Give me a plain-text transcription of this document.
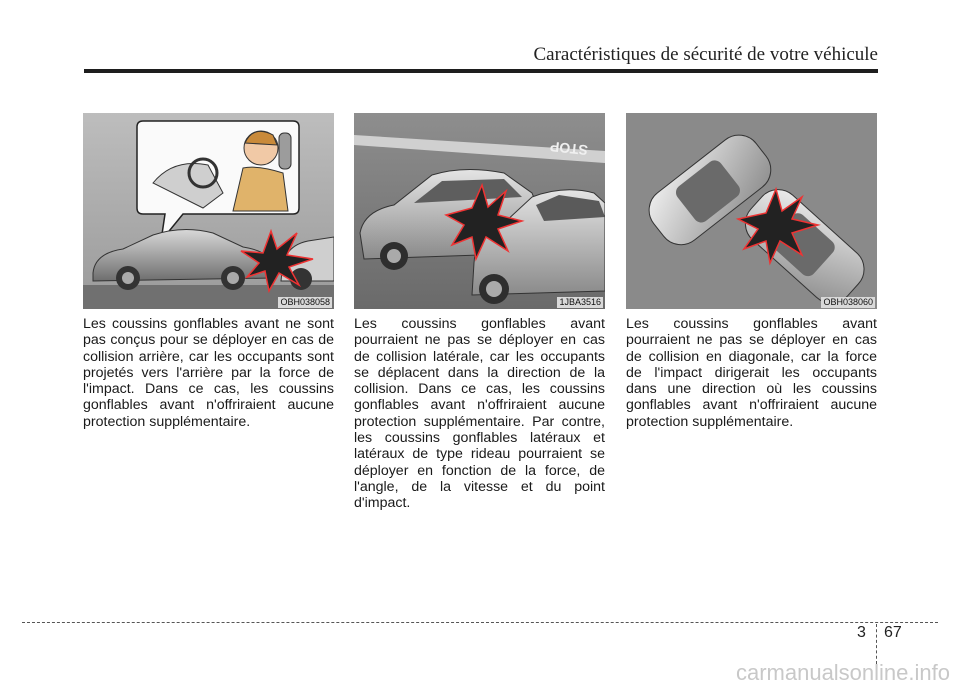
Caractéristiques de sécurité de votre véhicule
OBH038058

Les coussins gonflables avant ne sont pas conçus pour se déployer en cas de collision arrière, car les occupants sont projetés vers l'arrière par la force de l'impact. Dans ce cas, les coussins gonflables avant n'offriraient aucune protection supplémentaire.

STOP
1JBA3516

Les coussins gonflables avant pourraient ne pas se déployer en cas de collision latérale, car les occupants se déplacent dans la direction de la collision. Dans ce cas, les coussins gonflables avant n'offriraient aucune protection supplémentaire. Par contre, les coussins gonflables latéraux et latéraux de type rideau pourraient se déployer en fonction de la force, de l'angle, de la vitesse et du point d'impact.

OBH038060

Les coussins gonflables avant pourraient ne pas se déployer en cas de collision en diagonale, car la force de l'impact dirigerait les occupants dans une direction où les coussins gonflables avant n'offriraient aucune protection supplémentaire.

3 67
carmanualsonline.info
